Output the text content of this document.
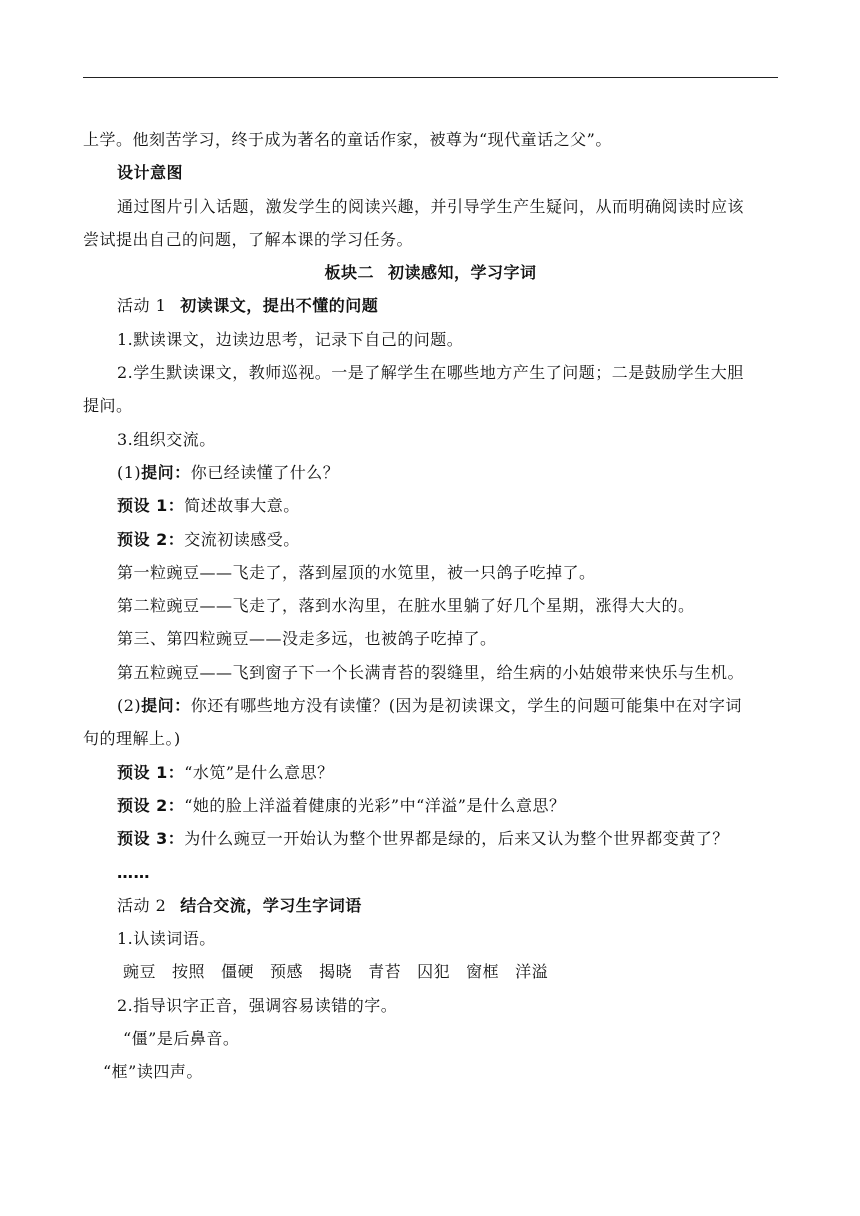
上学。他刻苦学习，终于成为著名的童话作家，被尊为“现代童话之父”。
设计意图
通过图片引入话题，激发学生的阅读兴趣，并引导学生产生疑问，从而明确阅读时应该
尝试提出自己的问题，了解本课的学习任务。
板块二 初读感知，学习字词
活动 1 初读课文，提出不懂的问题
1.默读课文，边读边思考，记录下自己的问题。
2.学生默读课文，教师巡视。一是了解学生在哪些地方产生了问题；二是鼓励学生大胆
提问。
3.组织交流。
(1)提问：你已经读懂了什么？
预设 1：简述故事大意。
预设 2：交流初读感受。
第一粒豌豆——飞走了，落到屋顶的水笕里，被一只鸽子吃掉了。
第二粒豌豆——飞走了，落到水沟里，在脏水里躺了好几个星期，涨得大大的。
第三、第四粒豌豆——没走多远，也被鸽子吃掉了。
第五粒豌豆——飞到窗子下一个长满青苔的裂缝里，给生病的小姑娘带来快乐与生机。
(2)提问：你还有哪些地方没有读懂？(因为是初读课文，学生的问题可能集中在对字词
句的理解上。)
预设 1：“水笕”是什么意思？
预设 2：“她的脸上洋溢着健康的光彩”中“洋溢”是什么意思？
预设 3：为什么豌豆一开始认为整个世界都是绿的，后来又认为整个世界都变黄了？
……
活动 2 结合交流，学习生字词语
1.认读词语。
豌豆 按照 僵硬 预感 揭晓 青苔 囚犯 窗框 洋溢
2.指导识字正音，强调容易读错的字。
“僵”是后鼻音。
“框”读四声。
